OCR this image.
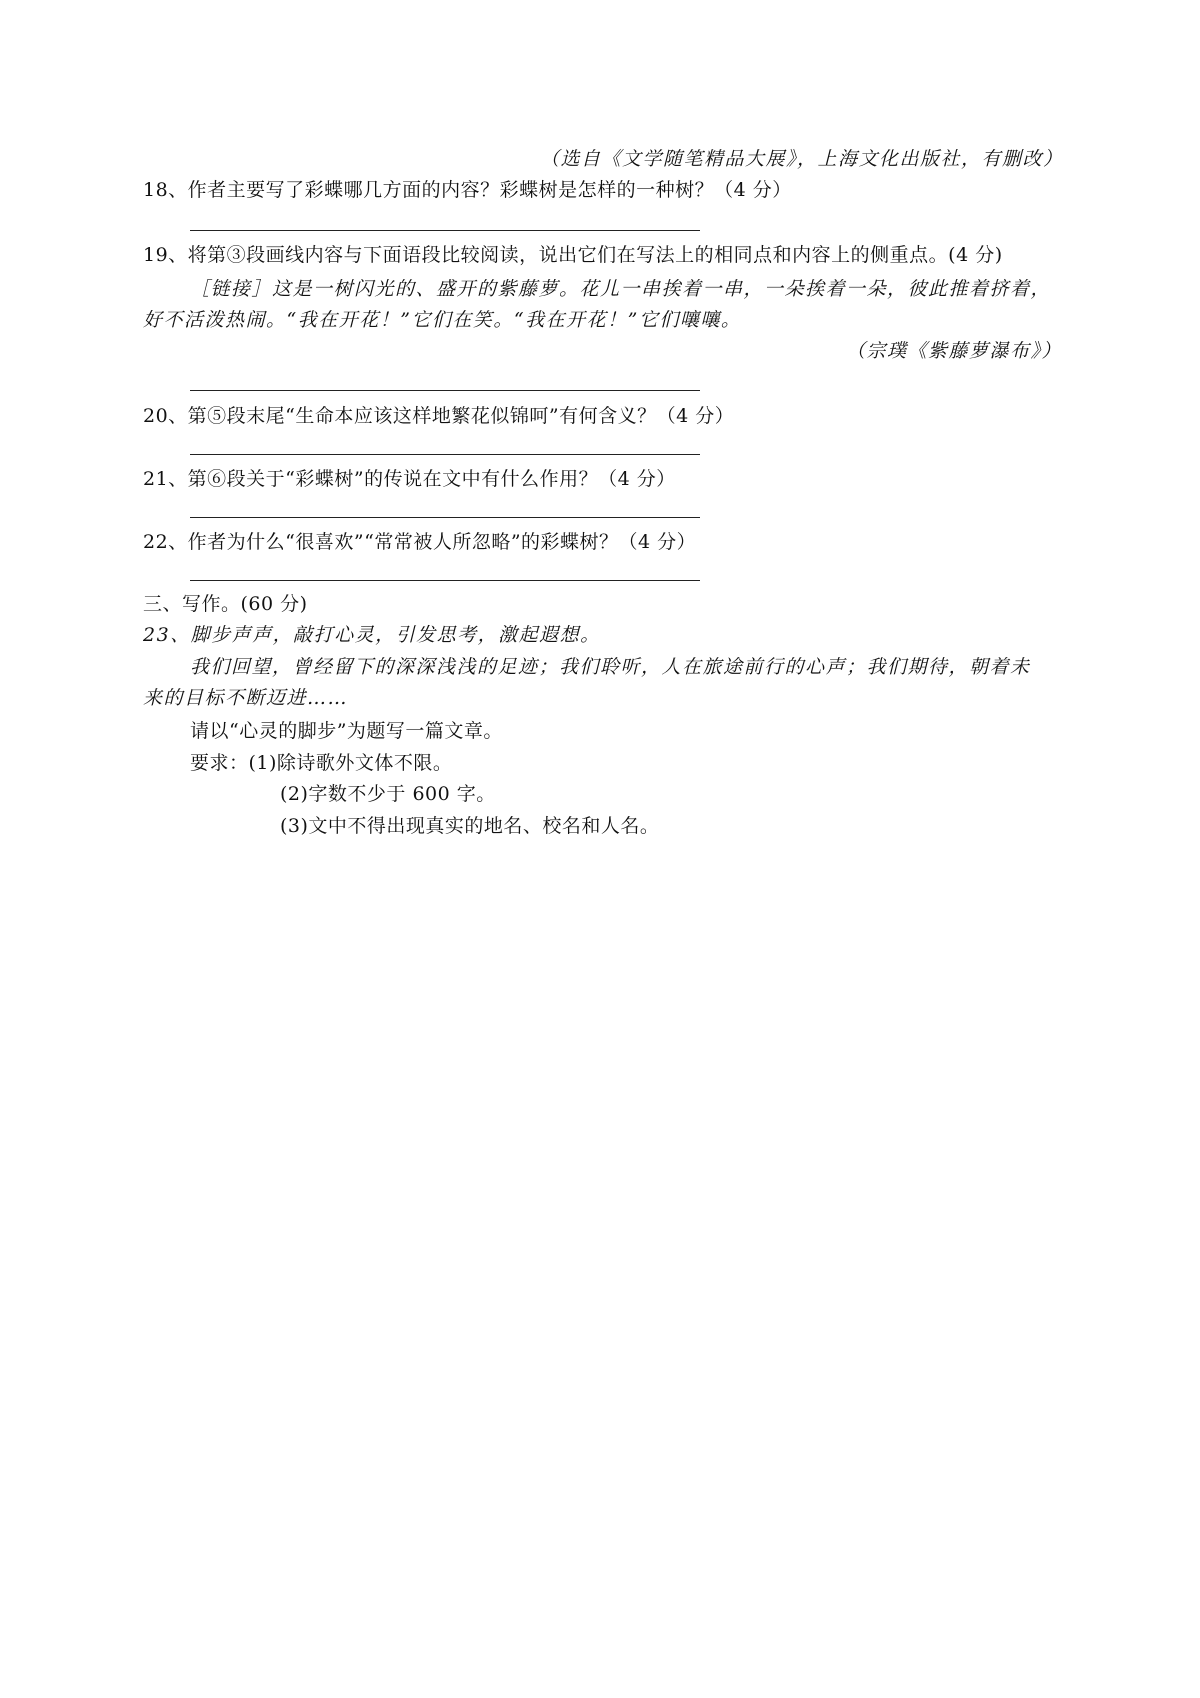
（选自《文学随笔精品大展》，上海文化出版社，有删改）
18、作者主要写了彩蝶哪几方面的内容？彩蝶树是怎样的一种树？（4 分）
19、将第③段画线内容与下面语段比较阅读，说出它们在写法上的相同点和内容上的侧重点。(4 分)
［链接］这是一树闪光的、盛开的紫藤萝。花儿一串挨着一串，一朵挨着一朵，彼此推着挤着，
好不活泼热闹。“我在开花！”它们在笑。“我在开花！”它们嚷嚷。
（宗璞《紫藤萝瀑布》）
20、第⑤段末尾“生命本应该这样地繁花似锦呵”有何含义？（4 分）
21、第⑥段关于“彩蝶树”的传说在文中有什么作用？（4 分）
22、作者为什么“很喜欢”“常常被人所忽略”的彩蝶树？（4 分）
三、写作。(60 分)
23、脚步声声，敲打心灵，引发思考，激起遐想。
我们回望，曾经留下的深深浅浅的足迹；我们聆听，人在旅途前行的心声；我们期待，朝着未
来的目标不断迈进……
请以“心灵的脚步”为题写一篇文章。
要求：(1)除诗歌外文体不限。
(2)字数不少于 600 字。
(3)文中不得出现真实的地名、校名和人名。
